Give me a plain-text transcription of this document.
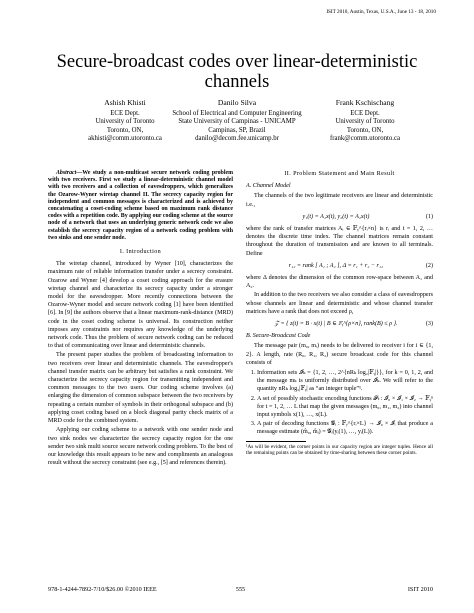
ISIT 2010, Austin, Texas, U.S.A., June 13 - 18, 2010
Secure-broadcast codes over linear-deterministic
channels
Ashish Khisti
ECE Dept.
University of Toronto
Toronto, ON,
akhisti@comm.utoronto.ca
Danilo Silva
School of Electrical and Computer Engineering
State University of Campinas - UNICAMP
Campinas, SP, Brazil
danilo@decom.fee.unicamp.br
Frank Kschischang
ECE Dept.
University of Toronto
Toronto, ON,
frank@comm.utoronto.ca

Abstract—We study a non-multicast secure network coding problem with two receivers. First we study a linear-deterministic channel model with two receivers and a collection of eavesdroppers, which generalizes the Ozarow-Wyner wiretap channel II. The secrecy capacity region for independent and common messages is characterized and is achieved by concatenating a coset-coding scheme based on maximum rank distance codes with a repetition code. By applying our coding scheme at the source node of a network that uses an underlying generic network code we also establish the secrecy capacity region of a network coding problem with two sinks and one sender node.

I. Introduction

The wiretap channel, introduced by Wyner [10], characterizes the maximum rate of reliable information transfer under a secrecy constraint. Ozarow and Wyner [4] develop a coset coding approach for the erasure wiretap channel and characterize its secrecy capacity under a stronger model for the eavesdropper. More recently connections between the Ozarow-Wyner model and secure network coding [1] have been identified [6]. In [9] the authors observe that a linear maximum-rank-distance (MRD) code in the coset coding scheme is universal. Its construction neither imposes any constraints nor requires any knowledge of the underlying network code. Thus the problem of secure network coding can be reduced to that of communicating over linear and deterministic channels.

The present paper studies the problem of broadcasting information to two receivers over linear and deterministic channels. The eavesdropper's channel transfer matrix can be arbitrary but satisfies a rank constraint. We characterize the secrecy capacity region for transmitting independent and common messages to the two users. Our coding scheme involves (a) enlarging the dimension of common subspace between the two receivers by repeating a certain number of symbols in their orthogonal subspace and (b) applying coset coding based on a block diagonal parity check matrix of a MRD code for the combined system.

Applying our coding scheme to a network with one sender node and two sink nodes we characterize the secrecy capacity region for the one sender two sink multi source secure network coding problem. To the best of our knowledge this result appears to be new and compliments an analogous result without the secrecy constraint (see e.g., [5] and references therein).

II. Problem Statement and Main Result
A. Channel Model

The channels of the two legitimate receivers are linear and deterministic i.e.,

y₁(t) = A₁x(t), y₂(t) = A₂x(t)	(1)

where the rank of transfer matrices Aᵢ ∈ 𝔽ᵧ^{rᵢ×n} is rᵢ and t = 1, 2, … denotes the discrete time index. The channel matrices remain constant throughout the duration of transmission and are known to all terminals. Define

r₁₂ = rank [ A₁ ; A₂ ], Δ = r₁ + r₂ − r₁₂	(2)

where Δ denotes the dimension of the common row-space between A₁ and A₂.

In addition to the two receivers we also consider a class of eavesdroppers whose channels are linear and deterministic and whose channel transfer matrices have a rank that does not exceed ρ,

𝒵 = { z(t) = B · x(t) | B ∈ 𝔽ᵧ^{ρ×n}, rank(B) ≤ ρ }.	(3)
B. Secure-Broadcast Code

The message pair (m₀, mᵢ) needs to be delivered to receiver i for i ∈ {1, 2}. A length, rate (R₀, R₁, R₂) secure broadcast code for this channel consists of

1. Information sets 𝓘ₖ = {1, 2, …, 2^{nRₖ log₂|𝔽ᵧ|}}, for k = 0, 1, 2, and the message mₖ is uniformly distributed over 𝓘ₖ. We will refer to the quantity nRₖ log₂|𝔽ᵧ| as “an integer tuple”¹.
2. A set of possibly stochastic encoding functions 𝓕ₜ : 𝓘₀ × 𝓘₁ × 𝓘₂ → 𝔽ᵧⁿ for t = 1, 2, … L that map the given messages (m₀, m₁, m₂) into channel input symbols x(1), …, x(L).
3. A pair of decoding functions 𝓖ᵢ : 𝔽ᵧ^{rᵢ×L} → 𝓘₀ × 𝓘ᵢ that produce a message estimate (m̂₀, m̂ᵢ) = 𝓖ᵢ(yᵢ(1), …, yᵢ(L)).
¹As will be evident, the corner points in our capacity region are integer tuples. Hence all the remaining points can be obtained by time-sharing between these corner points.
978-1-4244-7892-7/10/$26.00 ©2010 IEEE	555	ISIT 2010
